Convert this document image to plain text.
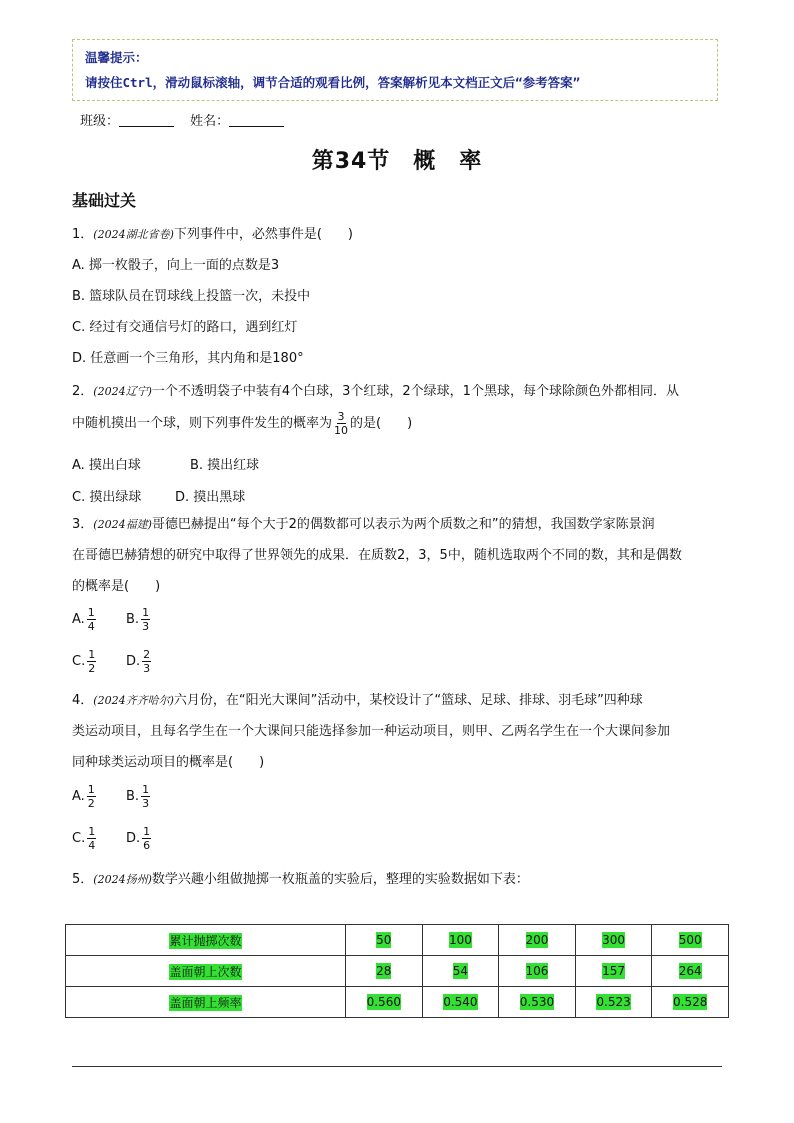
温馨提示：
请按住Ctrl，滑动鼠标滚轴，调节合适的观看比例，答案解析见本文档正文后“参考答案”
班级：	姓名：
第34节　概　率
基础过关
1．(2024湖北省卷)下列事件中，必然事件是(　　)
A. 掷一枚骰子，向上一面的点数是3
B. 篮球队员在罚球线上投篮一次，未投中
C. 经过有交通信号灯的路口，遇到红灯
D. 任意画一个三角形，其内角和是180°
2．(2024辽宁)一个不透明袋子中装有4个白球，3个红球，2个绿球，1个黑球，每个球除颜色外都相同．从
中随机摸出一个球，则下列事件发生的概率为 $\frac{3}{10}$ 的是(　　)
A. 摸出白球	B. 摸出红球
C. 摸出绿球	D. 摸出黑球
3．(2024福建)哥德巴赫提出“每个大于2的偶数都可以表示为两个质数之和”的猜想，我国数学家陈景润
在哥德巴赫猜想的研究中取得了世界领先的成果．在质数2，3，5中，随机选取两个不同的数，其和是偶数
的概率是(　　)
A. $\frac{1}{4} B$. $\frac{1}{3}$
C. $\frac{1}{2} D$. $\frac{2}{3}$
4．(2024齐齐哈尔)六月份，在“阳光大课间”活动中，某校设计了“篮球、足球、排球、羽毛球”四种球
类运动项目，且每名学生在一个大课间只能选择参加一种运动项目，则甲、乙两名学生在一个大课间参加
同种球类运动项目的概率是(　　)
A. $\frac{1}{2} B$. $\frac{1}{3}$
C. $\frac{1}{4} D$. $\frac{1}{6}$
5．(2024扬州)数学兴趣小组做抛掷一枚瓶盖的实验后，整理的实验数据如下表：
累计抛掷次数	50	100	200	300	500
盖面朝上次数	28	54	106	157	264
盖面朝上频率	0.560	0.540	0.530	0.523	0.528
